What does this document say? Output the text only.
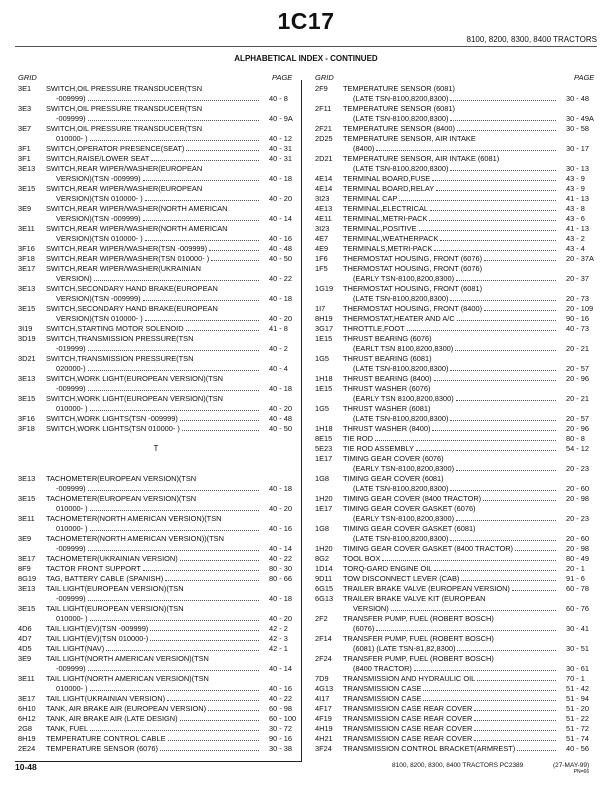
1C17
8100, 8200, 8300, 8400 TRACTORS
ALPHABETICAL INDEX - CONTINUED
GRID	PAGE	GRID	PAGE
3E1 SWITCH,OIL PRESSURE TRANSDUCER(TSN
-009999)	40 - 8
3E3 SWITCH,OIL PRESSURE TRANSDUCER(TSN
-009999)	40 - 9A
3E7 SWITCH,OIL PRESSURE TRANSDUCER(TSN
010000- )	40 - 12
3F1 SWITCH,OPERATOR PRESENCE(SEAT)	40 - 31
3F1 SWITCH,RAISE/LOWER SEAT	40 - 31
3E13 SWITCH,REAR WIPER/WASHER(EUROPEAN
VERSION)(TSN -009999)	40 - 18
3E15 SWITCH,REAR WIPER/WASHER(EUROPEAN
VERSION)(TSN 010000- )	40 - 20
3E9 SWITCH,REAR WIPER/WASHER(NORTH AMERICAN
VERSION)(TSN -009999)	40 - 14
3E11 SWITCH,REAR WIPER/WASHER(NORTH AMERICAN
VERSION)(TSN 010000- )	40 - 16
3F16 SWITCH,REAR WIPER/WASHER(TSN -009999)	40 - 48
3F18 SWITCH,REAR WIPER/WASHER(TSN 010000- )	40 - 50
3E17 SWITCH,REAR WIPER/WASHER(UKRAINIAN
VERSION)	40 - 22
3E13 SWITCH,SECONDARY HAND BRAKE(EUROPEAN
VERSION)(TSN -009999)	40 - 18
3E15 SWITCH,SECONDARY HAND BRAKE(EUROPEAN
VERSION)(TSN 010000- )	40 - 20
3I19 SWITCH,STARTING MOTOR SOLENOID	41 - 8
3D19 SWITCH,TRANSMISSION PRESSURE(TSN
-019999)	40 - 2
3D21 SWITCH,TRANSMISSION PRESSURE(TSN
020000-)	40 - 4
3E13 SWITCH,WORK LIGHT(EUROPEAN VERSION)(TSN
-009999)	40 - 18
3E15 SWITCH,WORK LIGHT(EUROPEAN VERSION)(TSN
010000- )	40 - 20
3F16 SWITCH,WORK LIGHTS(TSN -009999)	40 - 48
3F18 SWITCH,WORK LIGHTS(TSN 010000- )	40 - 50
T
3E13 TACHOMETER(EUROPEAN VERSION)(TSN
-009999)	40 - 18
3E15 TACHOMETER(EUROPEAN VERSION)(TSN
010000- )	40 - 20
3E11 TACHOMETER(NORTH AMERICAN VERSION)(TSN
010000- )	40 - 16
3E9 TACHOMETER(NORTH AMERICAN VERSION))(TSN
-009999)	40 - 14
3E17 TACHOMETER(UKRAINIAN VERSION)	40 - 22
8F9 TACTOR FRONT SUPPORT	80 - 30
8G19 TAG, BATTERY CABLE (SPANISH)	80 - 66
3E13 TAIL LIGHT(EUROPEAN VERSION)(TSN
-009999)	40 - 18
3E15 TAIL LIGHT(EUROPEAN VERSION)(TSN
010000- )	40 - 20
4D6 TAIL LIGHT(EV)(TSN -009999)	42 - 2
4D7 TAIL LIGHT(EV)(TSN 010000-)	42 - 3
4D5 TAIL LIGHT(NAV)	42 - 1
3E9 TAIL LIGHT(NORTH AMERICAN VERSION)(TSN
-009999)	40 - 14
3E11 TAIL LIGHT(NORTH AMERICAN VERSION)(TSN
010000- )	40 - 16
3E17 TAIL LIGHT(UKRAINIAN VERSION)	40 - 22
6H10 TANK, AIR BRAKE AIR (EUROPEAN VERSION)	60 - 98
6H12 TANK, AIR BRAKE AIR (LATE DESIGN)	60 - 100
2G8 TANK, FUEL	30 - 72
8H19 TEMPERATURE CONTROL CABLE	90 - 16
2E24 TEMPERATURE SENSOR (6076)	30 - 38
2F9 TEMPERATURE SENSOR (6081)
(LATE TSN-8100,8200,8300)	30 - 48
2F11 TEMPERATURE SENSOR (6081)
(LATE TSN-8100,8200,8300)	30 - 49A
2F21 TEMPERATURE SENSOR (8400)	30 - 58
2D25 TEMPERATURE SENSOR, AIR INTAKE
(8400)	30 - 17
2D21 TEMPERATURE SENSOR, AIR INTAKE (6081)
(LATE TSN-8100,8200,8300)	30 - 13
4E14 TERMINAL BOARD,FUSE	43 - 9
4E14 TERMINAL BOARD,RELAY	43 - 9
3I23 TERMINAL CAP	41 - 13
4E13 TERMINAL,ELECTRICAL	43 - 8
4E11 TERMINAL,METRI-PACK	43 - 6
3I23 TERMINAL,POSITIVE	41 - 13
4E7 TERMINAL,WEATHERPACK	43 - 2
4E9 TERMINALS,METRI-PACK	43 - 4
1F6 THERMOSTAT HOUSING, FRONT (6076)	20 - 37A
1F5 THERMOSTAT HOUSING, FRONT (6076)
(EARLY TSN-8100,8200,8300)	20 - 37
1G19 THERMOSTAT HOUSING, FRONT (6081)
(LATE TSN-8100,8200,8300)	20 - 73
1I7 THERMOSTAT HOUSING, FRONT (8400)	20 - 109
8H19 THERMOSTAT,HEATER AND A/C	90 - 16
3G17 THROTTLE,FOOT	40 - 73
1E15 THRUST BEARING (6076)
(EARLT TSN 8100,8200,8300)	20 - 21
1G5 THRUST BEARING (6081)
(LATE TSN-8100,8200,8300)	20 - 57
1H18 THRUST BEARING (8400)	20 - 96
1E15 THRUST WASHER (6076)
(EARLY TSN 8100,8200,8300)	20 - 21
1G5 THRUST WASHER (6081)
(LATE TSN-8100,8200,8300)	20 - 57
1H18 THRUST WASHER (8400)	20 - 96
8E15 TIE ROD	80 - 8
5E23 TIE ROD ASSEMBLY	54 - 12
1E17 TIMING GEAR COVER (6076)
(EARLY TSN-8100,8200,8300)	20 - 23
1G8 TIMING GEAR COVER (6081)
(LATE TSN-8100,8200,8300)	20 - 60
1H20 TIMING GEAR COVER (8400 TRACTOR)	20 - 98
1E17 TIMING GEAR COVER GASKET (6076)
(EARLY TSN-8100,8200,8300)	20 - 23
1G8 TIMING GEAR COVER GASKET (6081)
(LATE TSN-8100,8200,8300)	20 - 60
1H20 TIMING GEAR COVER GASKET (8400 TRACTOR)	20 - 98
8G2 TOOL BOX	80 - 49
1D14 TORQ-GARD ENGINE OIL	20 - 1
9D11 TOW DISCONNECT LEVER (CAB)	91 - 6
6G15 TRAILER BRAKE VALVE (EUROPEAN VERSION)	60 - 78
6G13 TRAILER BRAKE VALVE KIT (EUROPEAN
VERSION)	60 - 76
2F2 TRANSFER PUMP, FUEL (ROBERT BOSCH)
(6076)	30 - 41
2F14 TRANSFER PUMP, FUEL (ROBERT BOSCH)
(6081) (LATE TSN-81,82,8300)	30 - 51
2F24 TRANSFER PUMP, FUEL (ROBERT BOSCH)
(8400 TRACTOR)	30 - 61
7D9 TRANSMISSION AND HYDRAULIC OIL	70 - 1
4G13 TRANSMISSION CASE	51 - 42
4I17 TRANSMISSION CASE	51 - 94
4F17 TRANSMISSION CASE REAR COVER	51 - 20
4F19 TRANSMISSION CASE REAR COVER	51 - 22
4H19 TRANSMISSION CASE REAR COVER	51 - 72
4H21 TRANSMISSION CASE REAR COVER	51 - 74
3F24 TRANSMISSION CONTROL BRACKET(ARMREST)	40 - 56
10-48	8100, 8200, 8300, 8400 TRACTORS PC2389	(27-MAY-99)
PN=66
